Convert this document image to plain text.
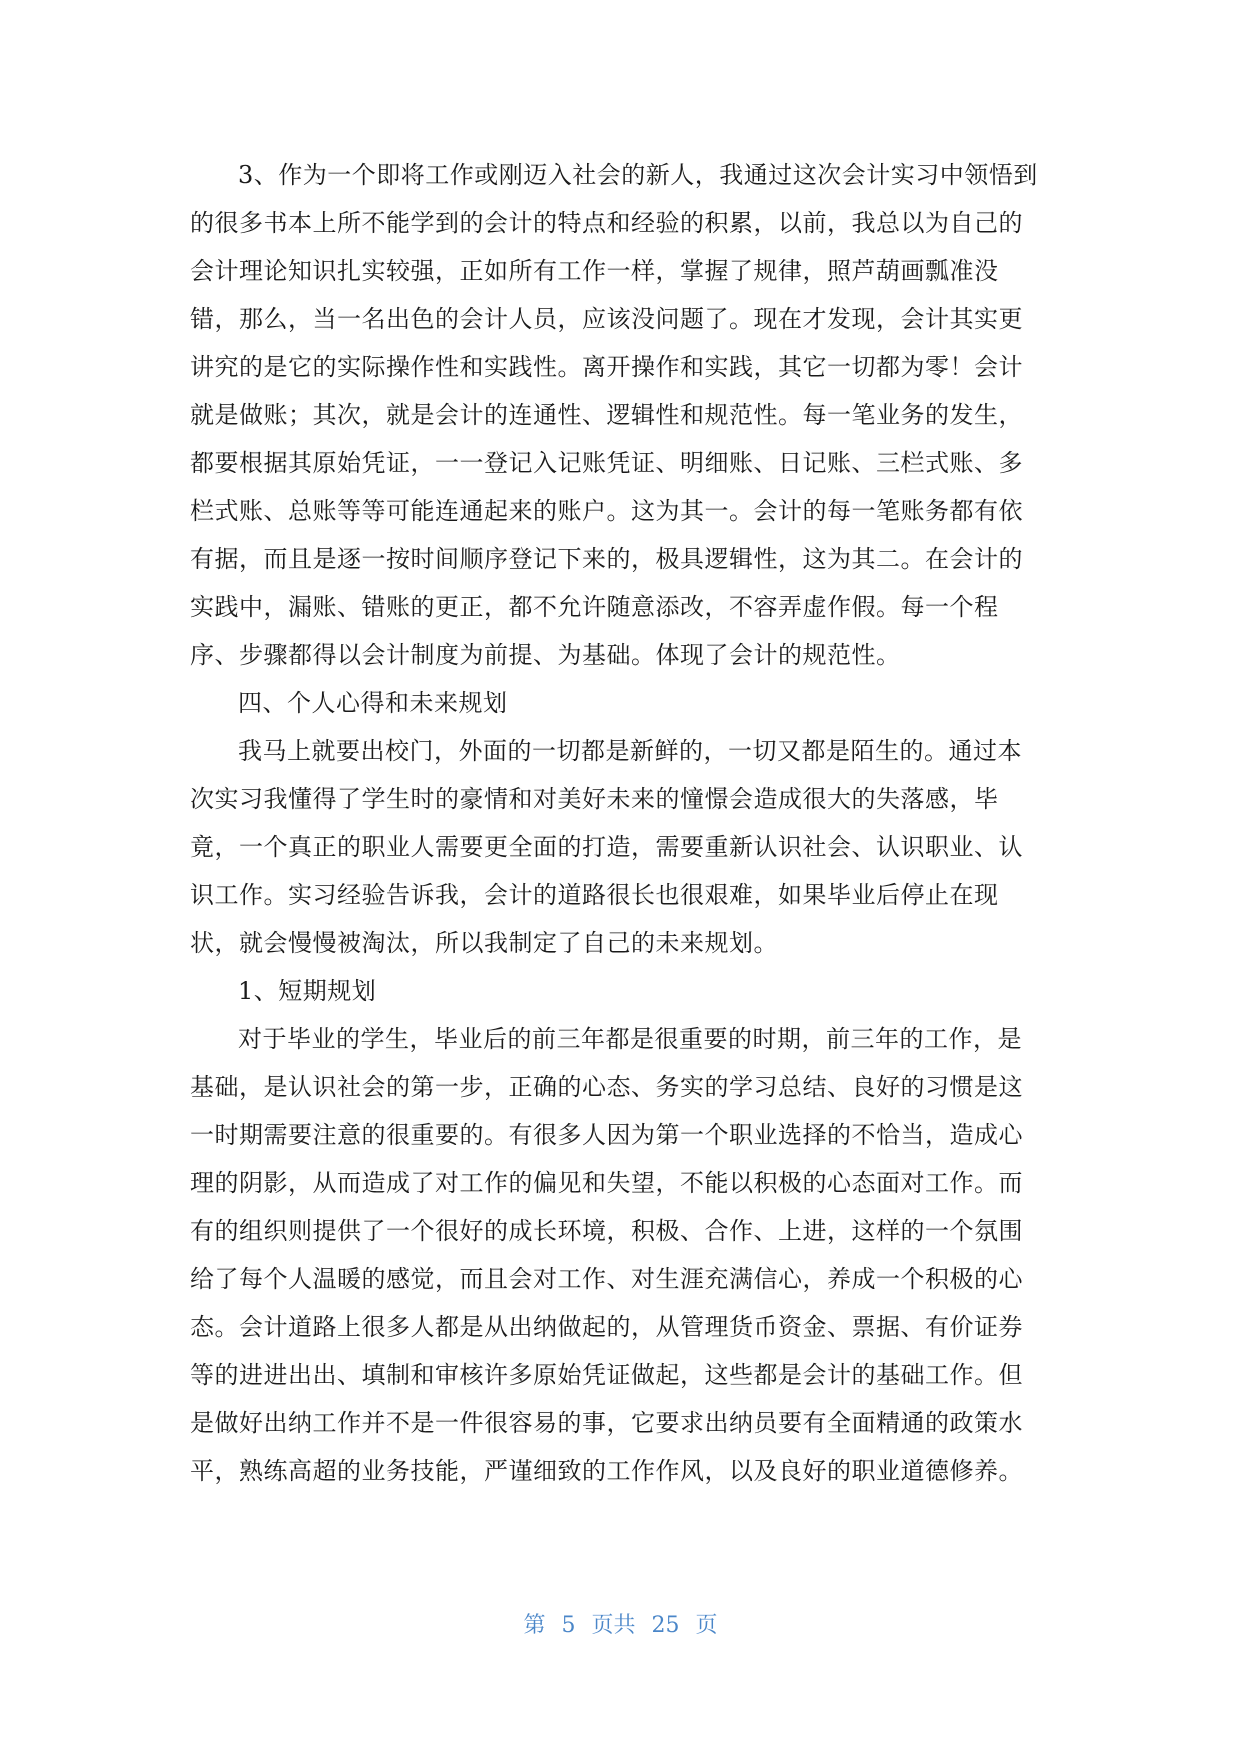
3、作为一个即将工作或刚迈入社会的新人，我通过这次会计实习中领悟到
的很多书本上所不能学到的会计的特点和经验的积累，以前，我总以为自己的
会计理论知识扎实较强，正如所有工作一样，掌握了规律，照芦葫画瓢准没
错，那么，当一名出色的会计人员，应该没问题了。现在才发现，会计其实更
讲究的是它的实际操作性和实践性。离开操作和实践，其它一切都为零！会计
就是做账；其次，就是会计的连通性、逻辑性和规范性。每一笔业务的发生，
都要根据其原始凭证，一一登记入记账凭证、明细账、日记账、三栏式账、多
栏式账、总账等等可能连通起来的账户。这为其一。会计的每一笔账务都有依
有据，而且是逐一按时间顺序登记下来的，极具逻辑性，这为其二。在会计的
实践中，漏账、错账的更正，都不允许随意添改，不容弄虚作假。每一个程
序、步骤都得以会计制度为前提、为基础。体现了会计的规范性。
四、个人心得和未来规划
我马上就要出校门，外面的一切都是新鲜的，一切又都是陌生的。通过本
次实习我懂得了学生时的豪情和对美好未来的憧憬会造成很大的失落感，毕
竟，一个真正的职业人需要更全面的打造，需要重新认识社会、认识职业、认
识工作。实习经验告诉我，会计的道路很长也很艰难，如果毕业后停止在现
状，就会慢慢被淘汰，所以我制定了自己的未来规划。
1、短期规划
对于毕业的学生，毕业后的前三年都是很重要的时期，前三年的工作，是
基础，是认识社会的第一步，正确的心态、务实的学习总结、良好的习惯是这
一时期需要注意的很重要的。有很多人因为第一个职业选择的不恰当，造成心
理的阴影，从而造成了对工作的偏见和失望，不能以积极的心态面对工作。而
有的组织则提供了一个很好的成长环境，积极、合作、上进，这样的一个氛围
给了每个人温暖的感觉，而且会对工作、对生涯充满信心，养成一个积极的心
态。会计道路上很多人都是从出纳做起的，从管理货币资金、票据、有价证券
等的进进出出、填制和审核许多原始凭证做起，这些都是会计的基础工作。但
是做好出纳工作并不是一件很容易的事，它要求出纳员要有全面精通的政策水
平，熟练高超的业务技能，严谨细致的工作作风，以及良好的职业道德修养。
第 5 页共 25 页
